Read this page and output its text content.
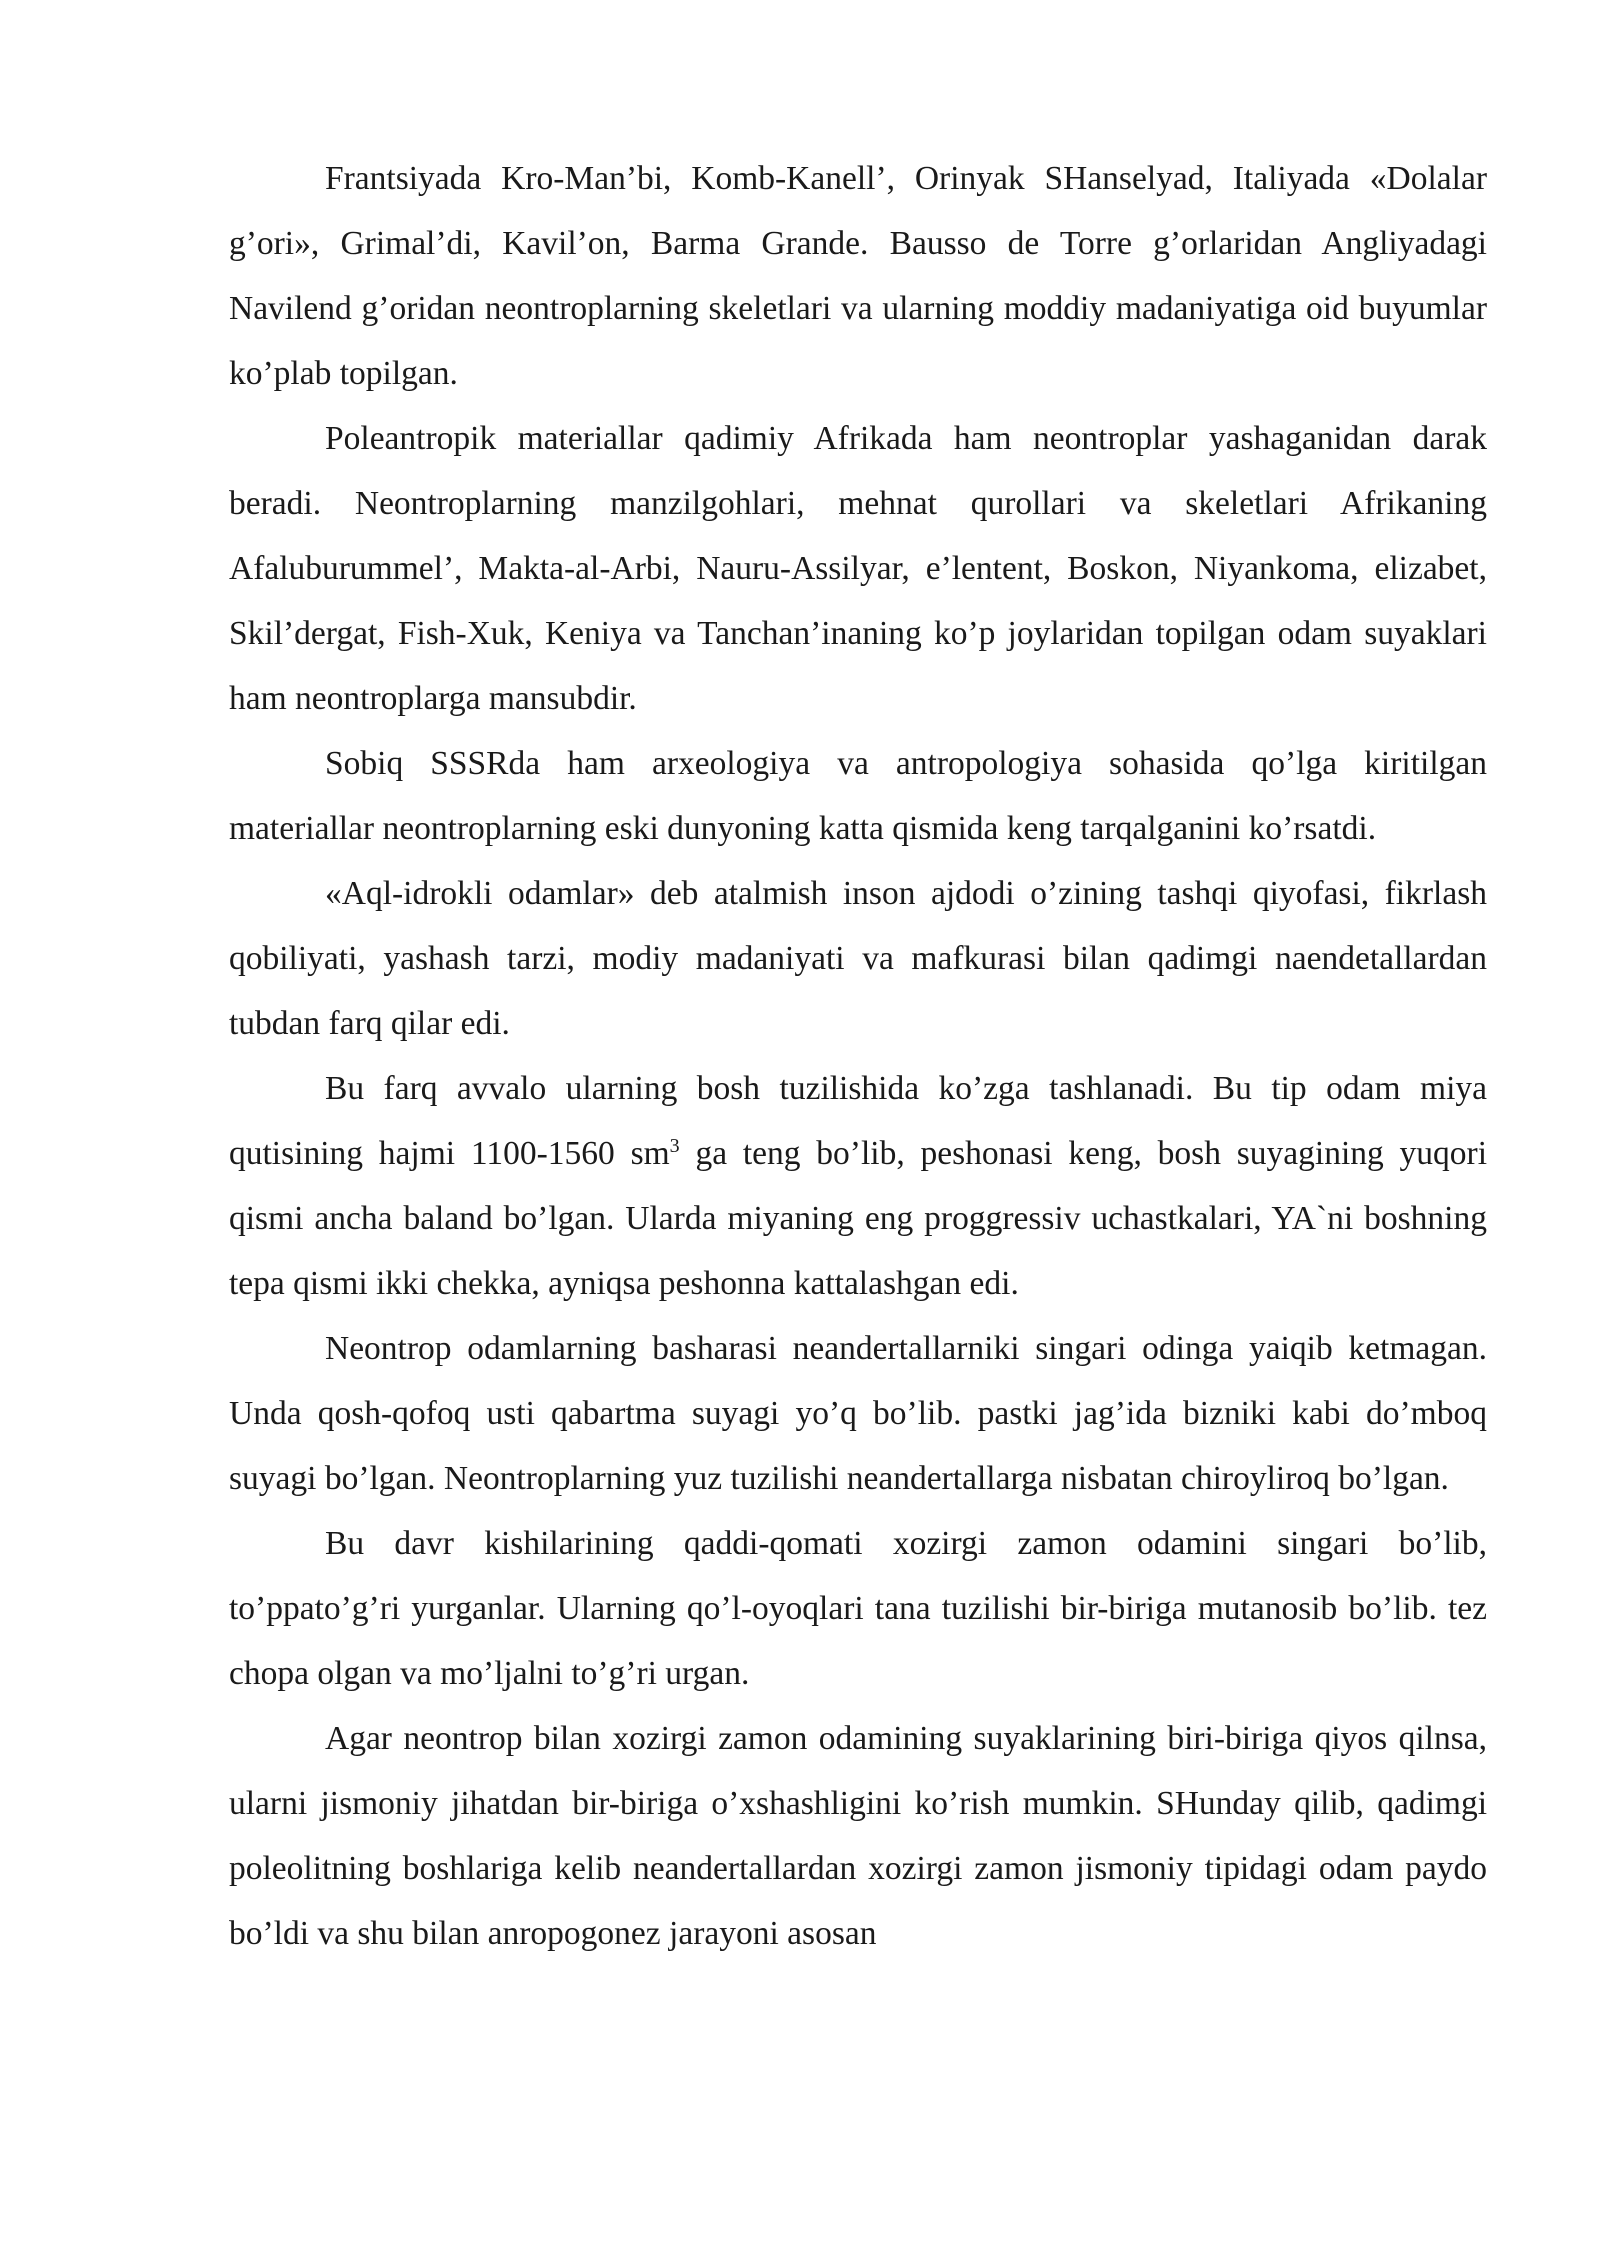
Frantsiyada Kro-Man’bi, Komb-Kanell’, Orinyak SHanselyad, Italiyada «Dolalar g’ori», Grimal’di, Kavil’on, Barma Grande. Bausso de Torre g’orlaridan Angliyadagi Navilend g’oridan neontroplarning skeletlari va ularning moddiy madaniyatiga oid buyumlar ko’plab topilgan.

Poleantropik materiallar qadimiy Afrikada ham neontroplar yashaganidan darak beradi. Neontroplarning manzilgohlari, mehnat qurollari va skeletlari Afrikaning Afaluburummel’, Makta-al-Arbi, Nauru-Assilyar, e’lentent, Boskon, Niyankoma, elizabet, Skil’dergat, Fish-Xuk, Keniya va Tanchan’inaning ko’p joylaridan topilgan odam suyaklari ham neontroplarga mansubdir.

Sobiq SSSRda ham arxeologiya va antropologiya sohasida qo’lga kiritilgan materiallar neontroplarning eski dunyoning katta qismida keng tarqalganini ko’rsatdi.

«Aql-idrokli odamlar» deb atalmish inson ajdodi o’zining tashqi qiyofasi, fikrlash qobiliyati, yashash tarzi, modiy madaniyati va mafkurasi bilan qadimgi naendetallardan tubdan farq qilar edi.

Bu farq avvalo ularning bosh tuzilishida ko’zga tashlanadi. Bu tip odam miya qutisining hajmi 1100-1560 $sm^3$ ga teng bo’lib, peshonasi keng, bosh suyagining yuqori qismi ancha baland bo’lgan. Ularda miyaning eng proggressiv uchastkalari, YA`ni boshning tepa qismi ikki chekka, ayniqsa peshonna kattalashgan edi.

Neontrop odamlarning basharasi neandertallarniki singari odinga yaiqib ketmagan. Unda qosh-qofoq usti qabartma suyagi yo’q bo’lib. pastki jag’ida bizniki kabi do’mboq suyagi bo’lgan. Neontroplarning yuz tuzilishi neandertallarga nisbatan chiroyliroq bo’lgan.

Bu davr kishilarining qaddi-qomati xozirgi zamon odamini singari bo’lib, to’ppato’g’ri yurganlar. Ularning qo’l-oyoqlari tana tuzilishi bir-biriga mutanosib bo’lib. tez chopa olgan va mo’ljalni to’g’ri urgan.

Agar neontrop bilan xozirgi zamon odamining suyaklarining biri-biriga qiyos qilnsa, ularni jismoniy jihatdan bir-biriga o’xshashligini ko’rish mumkin. SHunday qilib, qadimgi poleolitning boshlariga kelib neandertallardan xozirgi zamon jismoniy tipidagi odam paydo bo’ldi va shu bilan anropogonez jarayoni asosan
